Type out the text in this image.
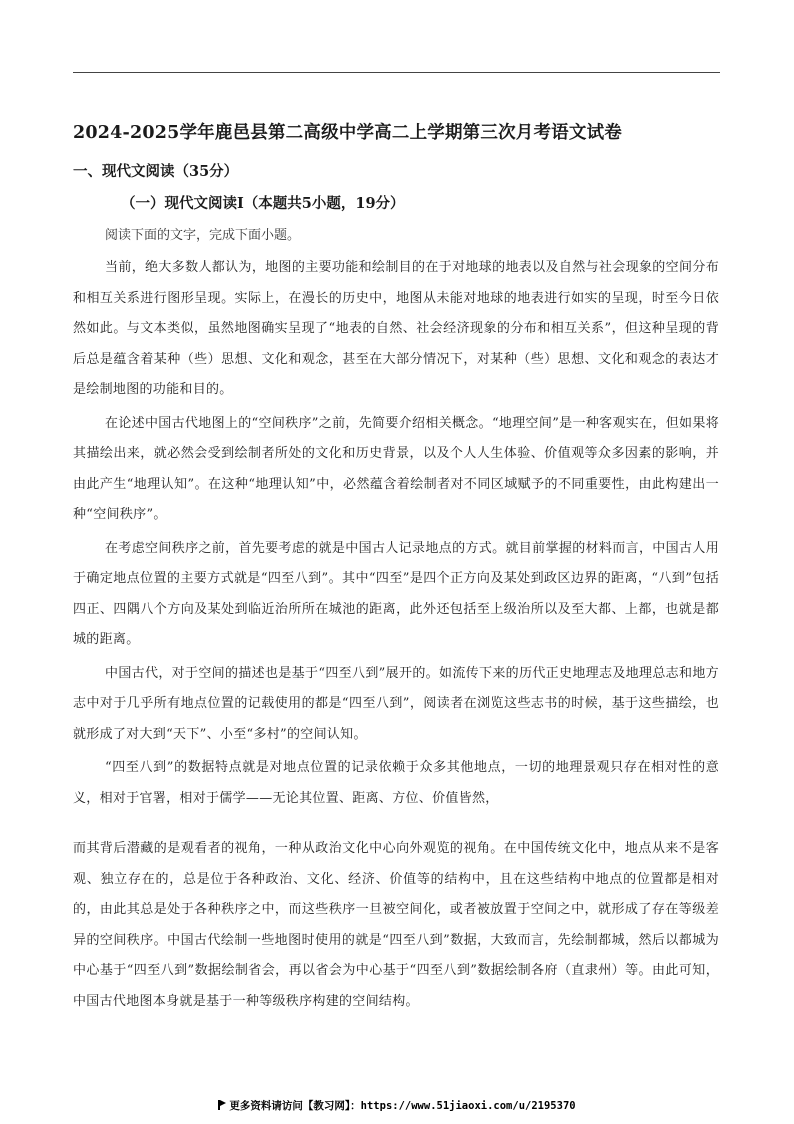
2024-2025学年鹿邑县第二高级中学高二上学期第三次月考语文试卷
一、现代文阅读（35分）
（一）现代文阅读Ⅰ（本题共5小题，19分）

阅读下面的文字，完成下面小题。

当前，绝大多数人都认为，地图的主要功能和绘制目的在于对地球的地表以及自然与社会现象的空间分布和相互关系进行图形呈现。实际上，在漫长的历史中，地图从未能对地球的地表进行如实的呈现，时至今日依然如此。与文本类似，虽然地图确实呈现了“地表的自然、社会经济现象的分布和相互关系”，但这种呈现的背后总是蕴含着某种（些）思想、文化和观念，甚至在大部分情况下，对某种（些）思想、文化和观念的表达才是绘制地图的功能和目的。

在论述中国古代地图上的“空间秩序”之前，先简要介绍相关概念。“地理空间”是一种客观实在，但如果将其描绘出来，就必然会受到绘制者所处的文化和历史背景，以及个人人生体验、价值观等众多因素的影响，并由此产生“地理认知”。在这种“地理认知”中，必然蕴含着绘制者对不同区域赋予的不同重要性，由此构建出一种“空间秩序”。

在考虑空间秩序之前，首先要考虑的就是中国古人记录地点的方式。就目前掌握的材料而言，中国古人用于确定地点位置的主要方式就是“四至八到”。其中“四至”是四个正方向及某处到政区边界的距离，“八到”包括四正、四隅八个方向及某处到临近治所所在城池的距离，此外还包括至上级治所以及至大都、上都，也就是都城的距离。

中国古代，对于空间的描述也是基于“四至八到”展开的。如流传下来的历代正史地理志及地理总志和地方志中对于几乎所有地点位置的记载使用的都是“四至八到”，阅读者在浏览这些志书的时候，基于这些描绘，也就形成了对大到“天下”、小至“多村”的空间认知。

“四至八到”的数据特点就是对地点位置的记录依赖于众多其他地点，一切的地理景观只存在相对性的意义，相对于官署，相对于儒学——无论其位置、距离、方位、价值皆然，

而其背后潜藏的是观看者的视角，一种从政治文化中心向外观览的视角。在中国传统文化中，地点从来不是客观、独立存在的，总是位于各种政治、文化、经济、价值等的结构中，且在这些结构中地点的位置都是相对的，由此其总是处于各种秩序之中，而这些秩序一旦被空间化，或者被放置于空间之中，就形成了存在等级差异的空间秩序。中国古代绘制一些地图时使用的就是“四至八到”数据，大致而言，先绘制都城，然后以都城为中心基于“四至八到”数据绘制省会，再以省会为中心基于“四至八到”数据绘制各府（直隶州）等。由此可知，中国古代地图本身就是基于一种等级秩序构建的空间结构。

更多资料请访问【教习网】：https://www.51jiaoxi.com/u/2195370
